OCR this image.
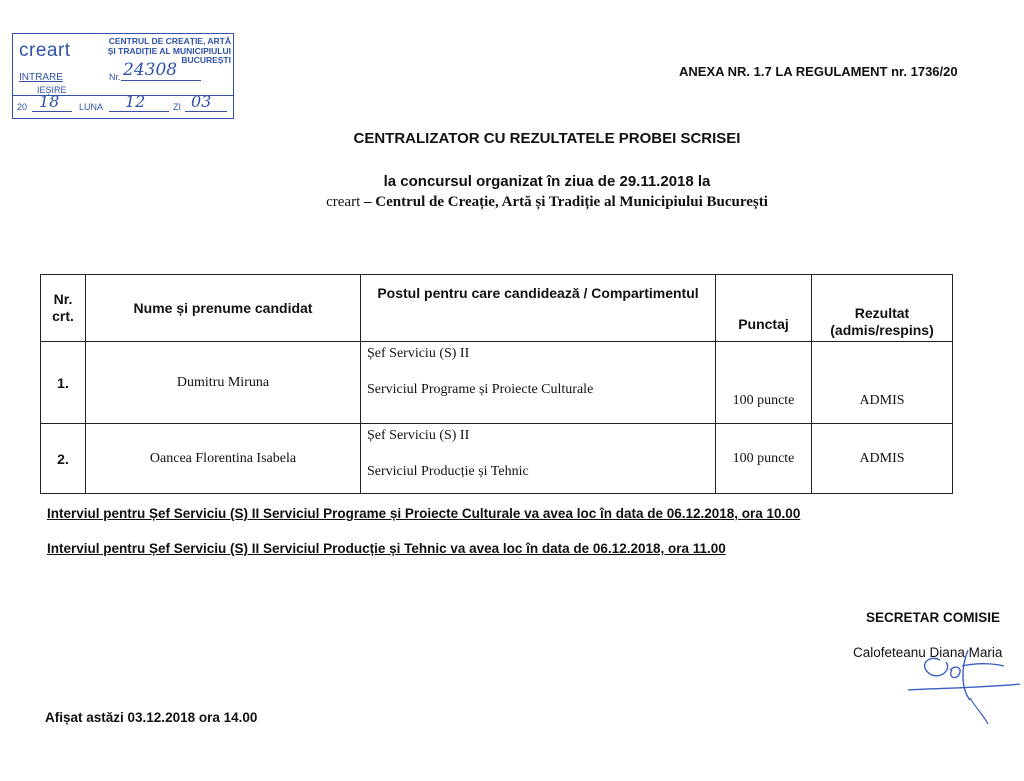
creart	CENTRUL DE CREAȚIE, ARTĂ
ȘI TRADIȚIE AL MUNICIPIULUI
BUCUREȘTI
INTRARE
IEȘIRE
Nr. 24308
20 18 LUNA 12	ZI 03
ANEXA NR. 1.7 LA REGULAMENT nr. 1736/20
CENTRALIZATOR CU REZULTATELE PROBEI SCRISEI
la concursul organizat în ziua de 29.11.2018 la
creart – Centrul de Creație, Artă și Tradiție al Municipiului București
Nr. crt.	Nume și prenume candidat	Postul pentru care candidează / Compartimentul	Punctaj	Rezultat (admis/respins)
1.	Dumitru Miruna	Șef Serviciu (S) II
Serviciul Programe și Proiecte Culturale	100 puncte	ADMIS
2.	Oancea Florentina Isabela	Șef Serviciu (S) II
Serviciul Producție și Tehnic	100 puncte	ADMIS
Interviul pentru Șef Serviciu (S) II Serviciul Programe și Proiecte Culturale va avea loc în data de 06.12.2018, ora 10.00
Interviul pentru Șef Serviciu (S) II Serviciul Producție și Tehnic va avea loc în data de 06.12.2018, ora 11.00
SECRETAR COMISIE
Calofeteanu Diana Maria
Afișat astăzi 03.12.2018 ora 14.00
